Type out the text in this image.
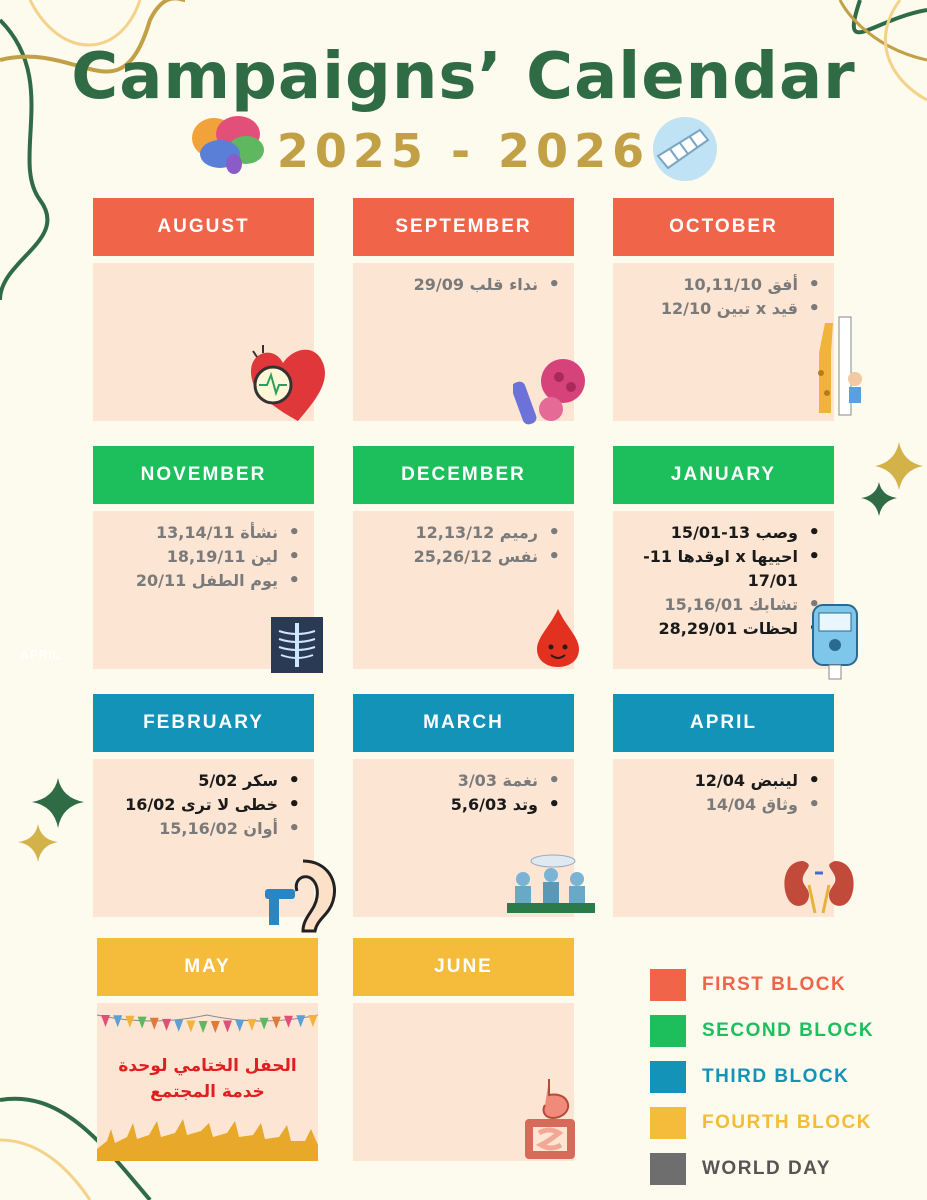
Campaigns’ Calendar
2025 - 2026
AUGUST	SEPTEMBER
• نداء قلب 29/09
OCTOBER
• أفق 10,11/10
• قيد x تبين 12/10
NOVEMBER
• نشأة 13,14/11
• لين 18,19/11
• يوم الطفل 20/11
APRIL
DECEMBER
• رميم 12,13/12
• نفس 25,26/12
JANUARY
• وصب 13-15/01
• احييها x اوقدها 11-17/01
• تشابك 15,16/01
• لحظات 28,29/01
FEBRUARY
• سكر 5/02
• خطى لا ترى 16/02
• أوان 15,16/02
MARCH
• نغمة 3/03
• وتد 5,6/03
APRIL
• لينبض 12/04
• وثاق 14/04
MAY
الحفل الختامي لوحدة
خدمة المجتمع
JUNE
FIRST BLOCK
SECOND BLOCK
THIRD BLOCK
FOURTH BLOCK
WORLD DAY
